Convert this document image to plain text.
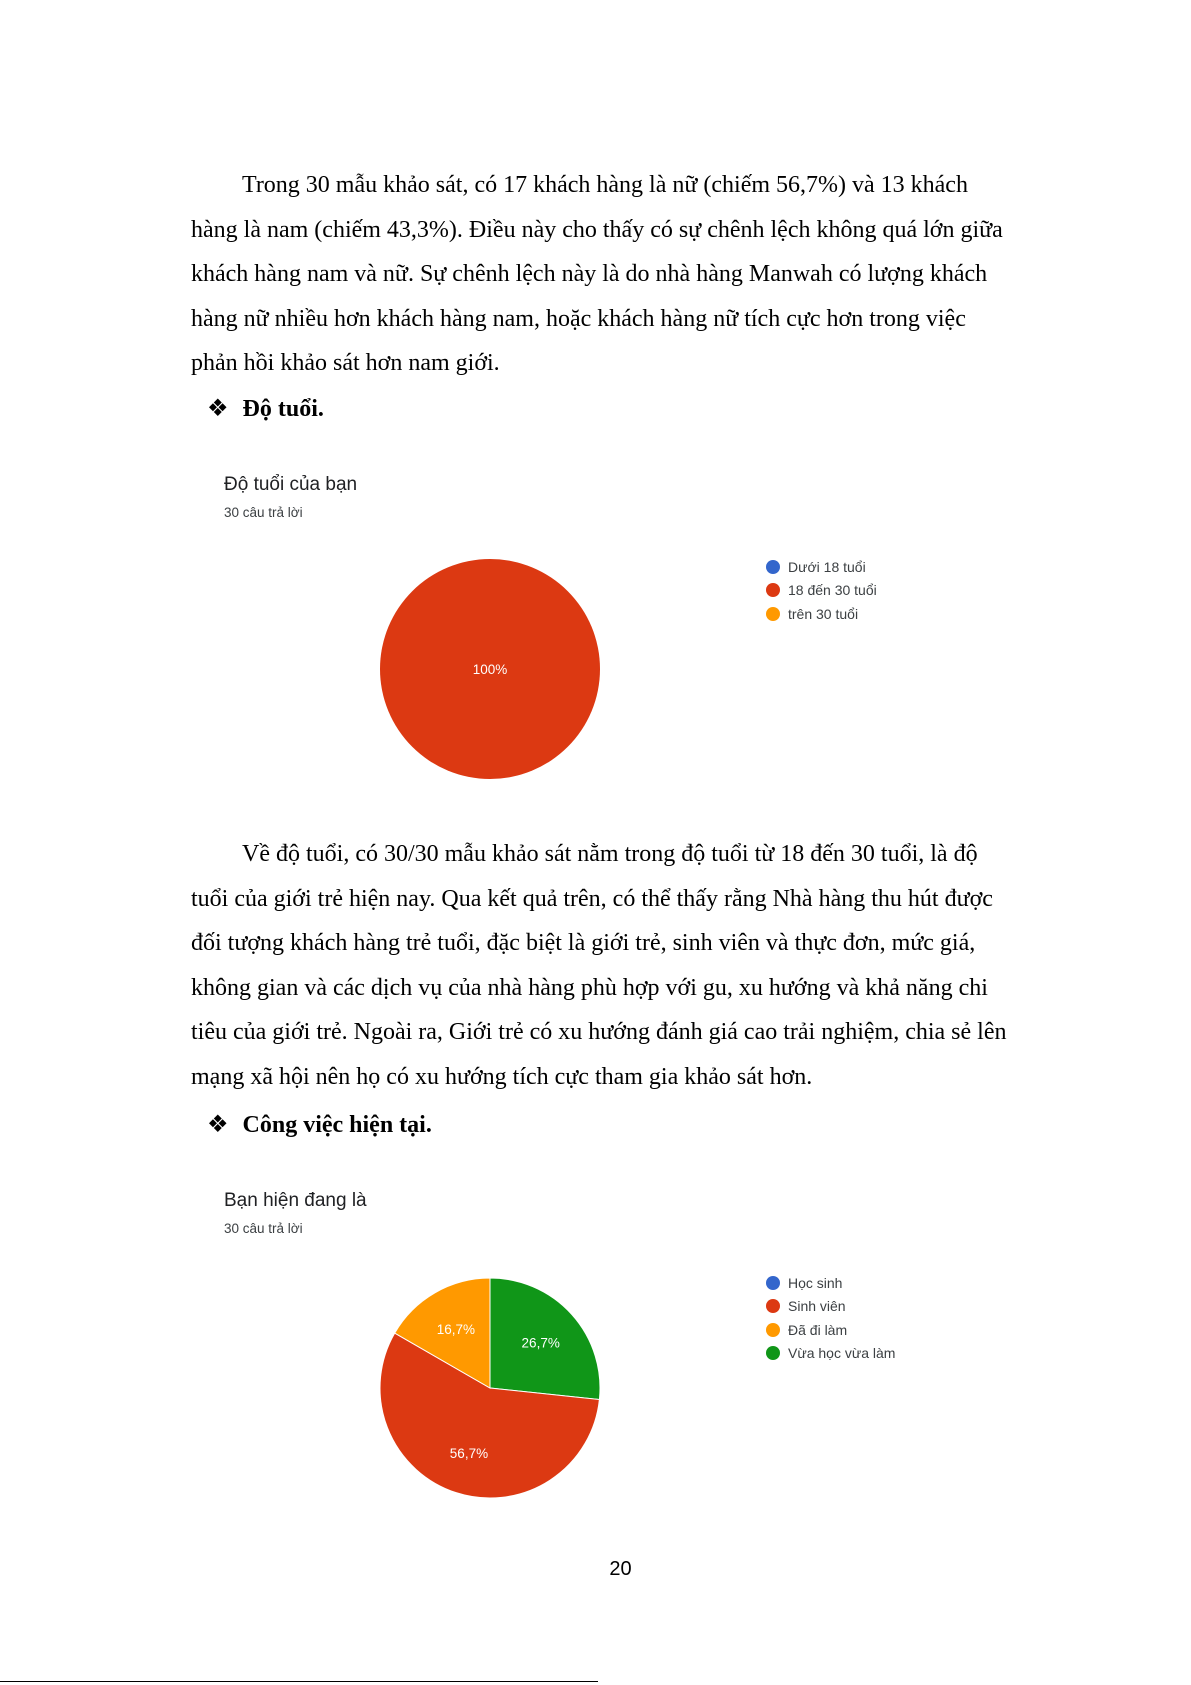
Trong 30 mẫu khảo sát, có 17 khách hàng là nữ (chiếm 56,7%) và 13 khách
hàng là nam (chiếm 43,3%). Điều này cho thấy có sự chênh lệch không quá lớn giữa
khách hàng nam và nữ. Sự chênh lệch này là do nhà hàng Manwah có lượng khách
hàng nữ nhiều hơn khách hàng nam, hoặc khách hàng nữ tích cực hơn trong việc
phản hồi khảo sát hơn nam giới.
❖ Độ tuổi.
Độ tuổi của bạn
30 câu trả lời
100%
Dưới 18 tuổi
18 đến 30 tuổi
trên 30 tuổi
Về độ tuổi, có 30/30 mẫu khảo sát nằm trong độ tuổi từ 18 đến 30 tuổi, là độ
tuổi của giới trẻ hiện nay. Qua kết quả trên, có thể thấy rằng Nhà hàng thu hút được
đối tượng khách hàng trẻ tuổi, đặc biệt là giới trẻ, sinh viên và thực đơn, mức giá,
không gian và các dịch vụ của nhà hàng phù hợp với gu, xu hướng và khả năng chi
tiêu của giới trẻ. Ngoài ra, Giới trẻ có xu hướng đánh giá cao trải nghiệm, chia sẻ lên
mạng xã hội nên họ có xu hướng tích cực tham gia khảo sát hơn.
❖ Công việc hiện tại.
Bạn hiện đang là
30 câu trả lời
26,7%
56,7%
16,7%
Học sinh
Sinh viên
Đã đi làm
Vừa học vừa làm
20
